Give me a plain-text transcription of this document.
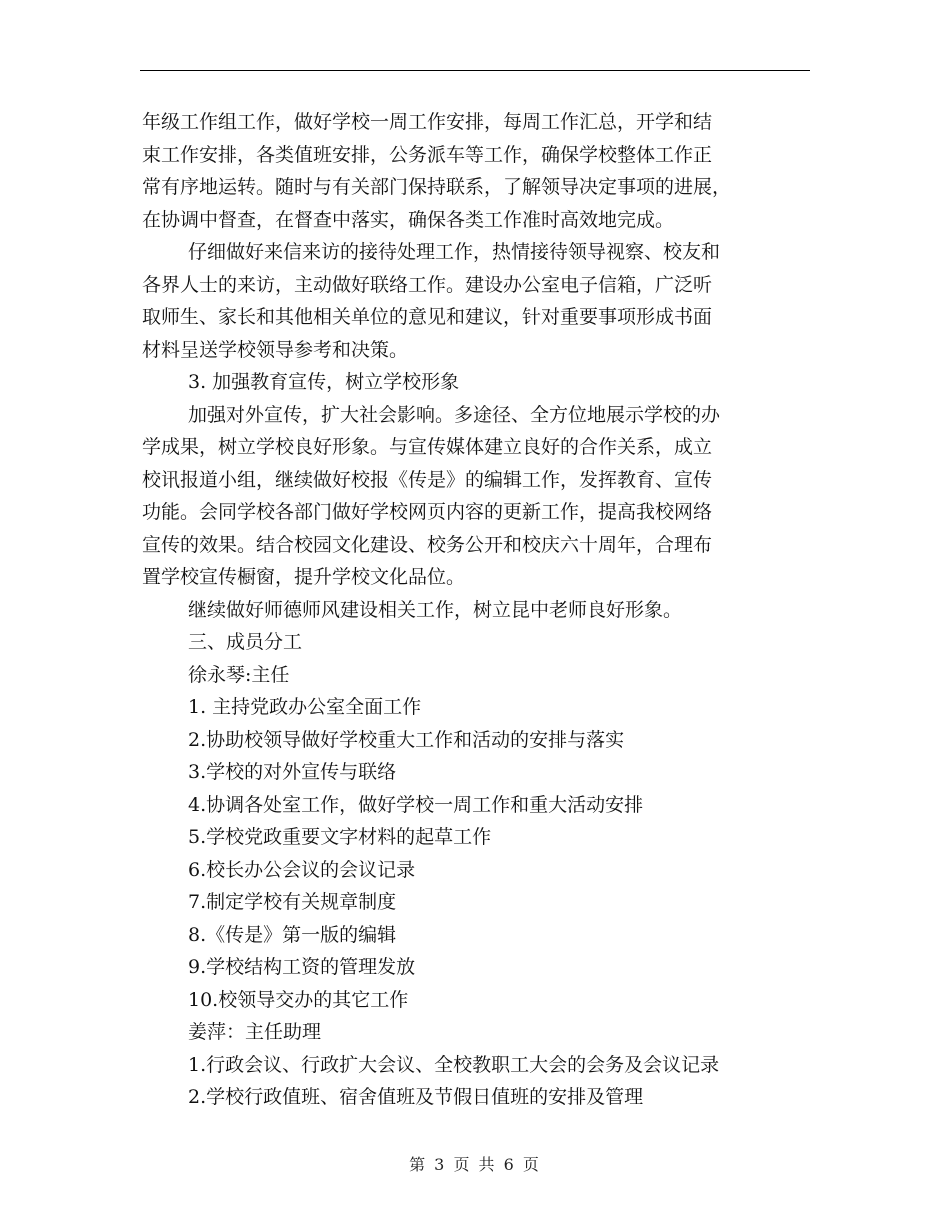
年级工作组工作，做好学校一周工作安排，每周工作汇总，开学和结
束工作安排，各类值班安排，公务派车等工作，确保学校整体工作正
常有序地运转。随时与有关部门保持联系，了解领导决定事项的进展，
在协调中督查，在督查中落实，确保各类工作准时高效地完成。
仔细做好来信来访的接待处理工作，热情接待领导视察、校友和
各界人士的来访，主动做好联络工作。建设办公室电子信箱，广泛听
取师生、家长和其他相关单位的意见和建议，针对重要事项形成书面
材料呈送学校领导参考和决策。
3. 加强教育宣传，树立学校形象
加强对外宣传，扩大社会影响。多途径、全方位地展示学校的办
学成果，树立学校良好形象。与宣传媒体建立良好的合作关系，成立
校讯报道小组，继续做好校报《传是》的编辑工作，发挥教育、宣传
功能。会同学校各部门做好学校网页内容的更新工作，提高我校网络
宣传的效果。结合校园文化建设、校务公开和校庆六十周年，合理布
置学校宣传橱窗，提升学校文化品位。
继续做好师德师风建设相关工作，树立昆中老师良好形象。
三、成员分工
徐永琴:主任
1. 主持党政办公室全面工作
2.协助校领导做好学校重大工作和活动的安排与落实
3.学校的对外宣传与联络
4.协调各处室工作，做好学校一周工作和重大活动安排
5.学校党政重要文字材料的起草工作
6.校长办公会议的会议记录
7.制定学校有关规章制度
8.《传是》第一版的编辑
9.学校结构工资的管理发放
10.校领导交办的其它工作
姜萍：主任助理
1.行政会议、行政扩大会议、全校教职工大会的会务及会议记录
2.学校行政值班、宿舍值班及节假日值班的安排及管理
第 3 页 共 6 页
